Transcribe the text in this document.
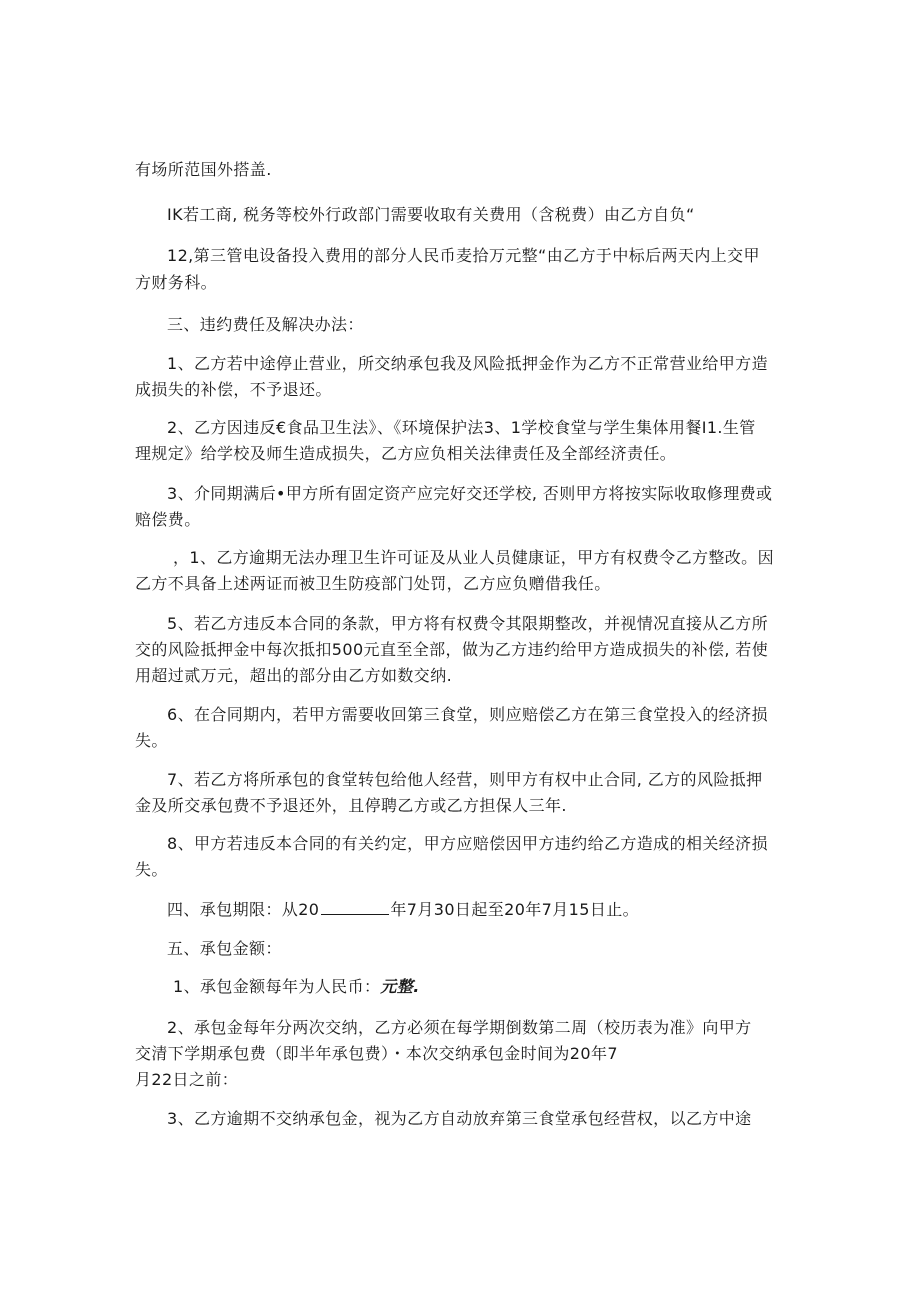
有场所范国外搭盖.
IK若工商, 税务等校外行政部门需要收取有关费用（含税费）由乙方自负“
12,第三管电设备投入费用的部分人民币麦拾万元整“由乙方于中标后两天内上交甲
方财务科。
三、违约费任及解决办法：
1、乙方若中途停止营业，所交纳承包我及风险抵押金作为乙方不正常营业给甲方造
成损失的补偿，不予退还。
2、乙方因违反€食品卫生法》、《环境保护法3、1学校食堂与学生集体用餐I1.生管
理规定》给学校及师生造成损失，乙方应负相关法律责任及全部经济责任。
3、介同期满后•甲方所有固定资产应完好交还学校, 否则甲方将按实际收取修理费或
赔偿费。
，1、乙方逾期无法办理卫生许可证及从业人员健康证，甲方有权费令乙方整改。因
乙方不具备上述两证而被卫生防疫部门处罚，乙方应负赠借我任。
5、若乙方违反本合同的条款，甲方将有权费令其限期整改，并视情况直接从乙方所
交的风险抵押金中每次抵扣500元直至全部，做为乙方违约给甲方造成损失的补偿, 若使
用超过贰万元，超出的部分由乙方如数交纳.
6、在合同期内，若甲方需要收回第三食堂，则应赔偿乙方在第三食堂投入的经济损
失。
7、若乙方将所承包的食堂转包给他人经营，则甲方有权中止合同, 乙方的风险抵押
金及所交承包费不予退还外，且停聘乙方或乙方担保人三年.
8、甲方若违反本合同的有关约定，甲方应赔偿因甲方违约给乙方造成的相关经济损
失。
四、承包期限：从20	年7月30日起至20年7月15日止。
五、承包金额：
1、承包金额每年为人民币：元整.
2、承包金每年分两次交纳，乙方必须在每学期倒数第二周（校历表为准》向甲方
交清下学期承包费（即半年承包费）・本次交纳承包金时间为20年7
月22日之前：
3、乙方逾期不交纳承包金，视为乙方自动放弃第三食堂承包经营权，以乙方中途
